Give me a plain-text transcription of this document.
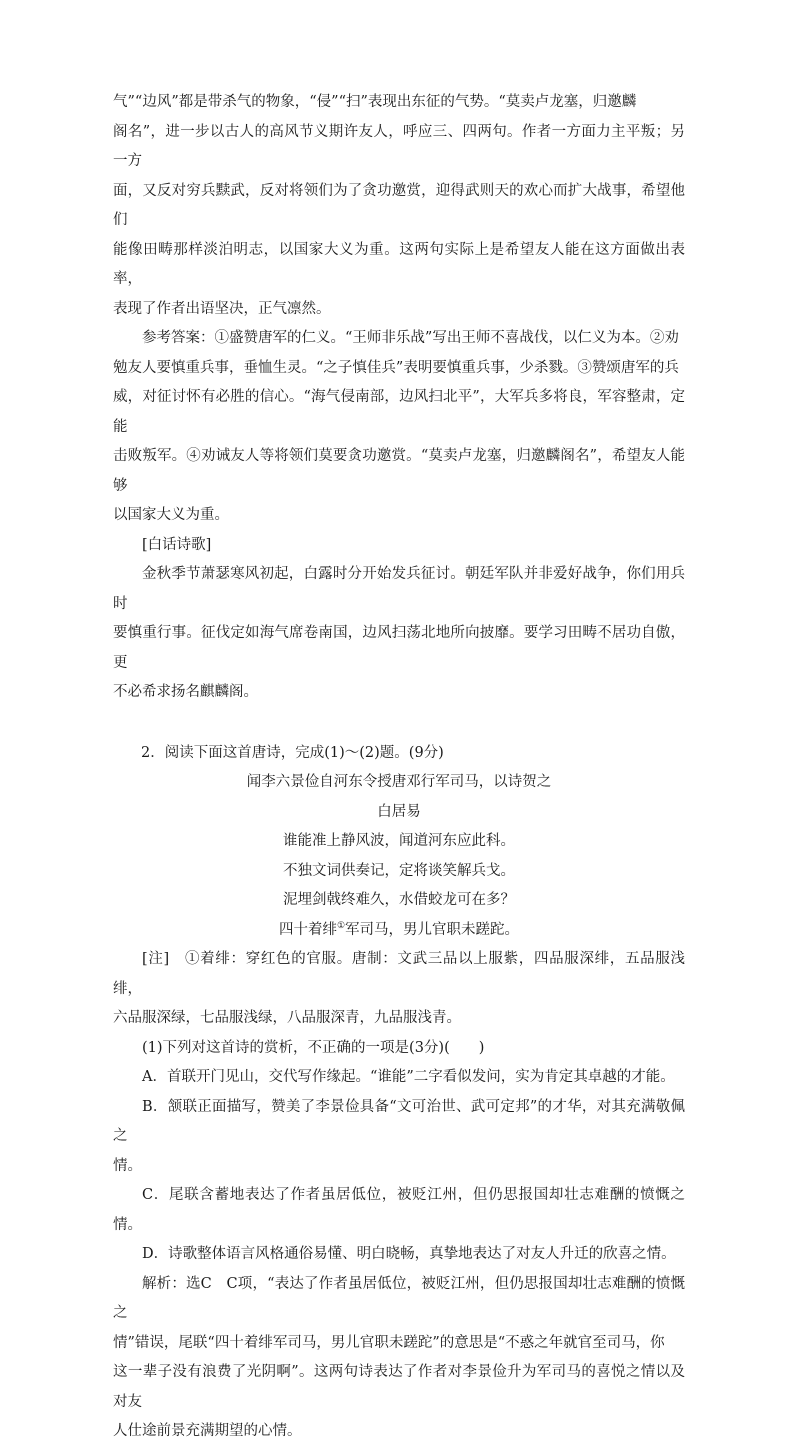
气”“边风”都是带杀气的物象，“侵”“扫”表现出东征的气势。“莫卖卢龙塞，归邀麟

阁名”，进一步以古人的高风节义期许友人，呼应三、四两句。作者一方面力主平叛；另一方

面，又反对穷兵黩武，反对将领们为了贪功邀赏，迎得武则天的欢心而扩大战事，希望他们

能像田畴那样淡泊明志，以国家大义为重。这两句实际上是希望友人能在这方面做出表率，

表现了作者出语坚决，正气凛然。

参考答案：①盛赞唐军的仁义。“王师非乐战”写出王师不喜战伐，以仁义为本。②劝

勉友人要慎重兵事，垂恤生灵。“之子慎佳兵”表明要慎重兵事，少杀戮。③赞颂唐军的兵

威，对征讨怀有必胜的信心。“海气侵南部，边风扫北平”，大军兵多将良，军容整肃，定能

击败叛军。④劝诫友人等将领们莫要贪功邀赏。“莫卖卢龙塞，归邀麟阁名”，希望友人能够

以国家大义为重。

[白话诗歌]

金秋季节萧瑟寒风初起，白露时分开始发兵征讨。朝廷军队并非爱好战争，你们用兵时

要慎重行事。征伐定如海气席卷南国，边风扫荡北地所向披靡。要学习田畴不居功自傲，更

不必希求扬名麒麟阁。

2．阅读下面这首唐诗，完成(1)～(2)题。(9分)

闻李六景俭自河东令授唐邓行军司马，以诗贺之

白居易

谁能准上静风波，闻道河东应此科。

不独文词供奏记，定将谈笑解兵戈。

泥埋剑戟终难久，水借蛟龙可在多？

四十着绯①军司马，男儿官职未蹉跎。

[注]　①着绯：穿红色的官服。唐制：文武三品以上服紫，四品服深绯，五品服浅绯，

六品服深绿，七品服浅绿，八品服深青，九品服浅青。

(1)下列对这首诗的赏析，不正确的一项是(3分)(　　)

A．首联开门见山，交代写作缘起。“谁能”二字看似发问，实为肯定其卓越的才能。

B．颔联正面描写，赞美了李景俭具备“文可治世、武可定邦”的才华，对其充满敬佩之

情。

C．尾联含蓄地表达了作者虽居低位，被贬江州，但仍思报国却壮志难酬的愤慨之情。

D．诗歌整体语言风格通俗易懂、明白晓畅，真挚地表达了对友人升迁的欣喜之情。

解析：选C　C项，“表达了作者虽居低位，被贬江州，但仍思报国却壮志难酬的愤慨之

情”错误，尾联“四十着绯军司马，男儿官职未蹉跎”的意思是“不惑之年就官至司马，你

这一辈子没有浪费了光阴啊”。这两句诗表达了作者对李景俭升为军司马的喜悦之情以及对友

人仕途前景充满期望的心情。
